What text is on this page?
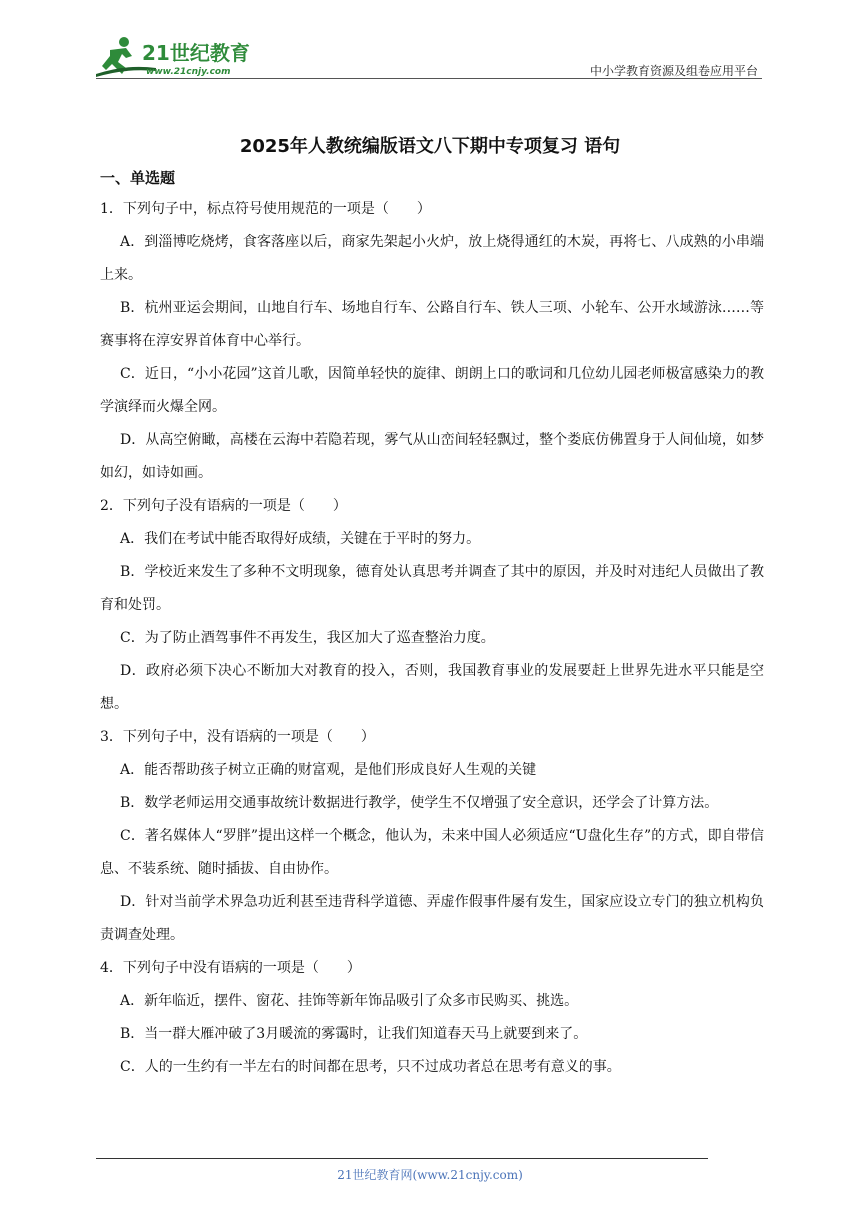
21世纪教育
www.21cnjy.com	中小学教育资源及组卷应用平台
2025年人教统编版语文八下期中专项复习 语句
一、单选题

1．下列句子中，标点符号使用规范的一项是（　　）

A．到淄博吃烧烤，食客落座以后，商家先架起小火炉，放上烧得通红的木炭，再将七、八成熟的小串端上来。

B．杭州亚运会期间，山地自行车、场地自行车、公路自行车、铁人三项、小轮车、公开水域游泳……等赛事将在淳安界首体育中心举行。

C．近日，“小小花园”这首儿歌，因简单轻快的旋律、朗朗上口的歌词和几位幼儿园老师极富感染力的教学演绎而火爆全网。

D．从高空俯瞰，高楼在云海中若隐若现，雾气从山峦间轻轻飘过，整个娄底仿佛置身于人间仙境，如梦如幻，如诗如画。

2．下列句子没有语病的一项是（　　）

A．我们在考试中能否取得好成绩，关键在于平时的努力。

B．学校近来发生了多种不文明现象，德育处认真思考并调查了其中的原因，并及时对违纪人员做出了教育和处罚。

C．为了防止酒驾事件不再发生，我区加大了巡查整治力度。

D．政府必须下决心不断加大对教育的投入，否则，我国教育事业的发展要赶上世界先进水平只能是空想。

3．下列句子中，没有语病的一项是（　　）

A．能否帮助孩子树立正确的财富观，是他们形成良好人生观的关键

B．数学老师运用交通事故统计数据进行教学，使学生不仅增强了安全意识，还学会了计算方法。

C．著名媒体人“罗胖”提出这样一个概念，他认为，未来中国人必须适应“U盘化生存”的方式，即自带信息、不装系统、随时插拔、自由协作。

D．针对当前学术界急功近利甚至违背科学道德、弄虚作假事件屡有发生，国家应设立专门的独立机构负责调查处理。

4．下列句子中没有语病的一项是（　　）

A．新年临近，摆件、窗花、挂饰等新年饰品吸引了众多市民购买、挑选。

B．当一群大雁冲破了3月暖流的雾霭时，让我们知道春天马上就要到来了。

C．人的一生约有一半左右的时间都在思考，只不过成功者总在思考有意义的事。

21世纪教育网(www.21cnjy.com)
